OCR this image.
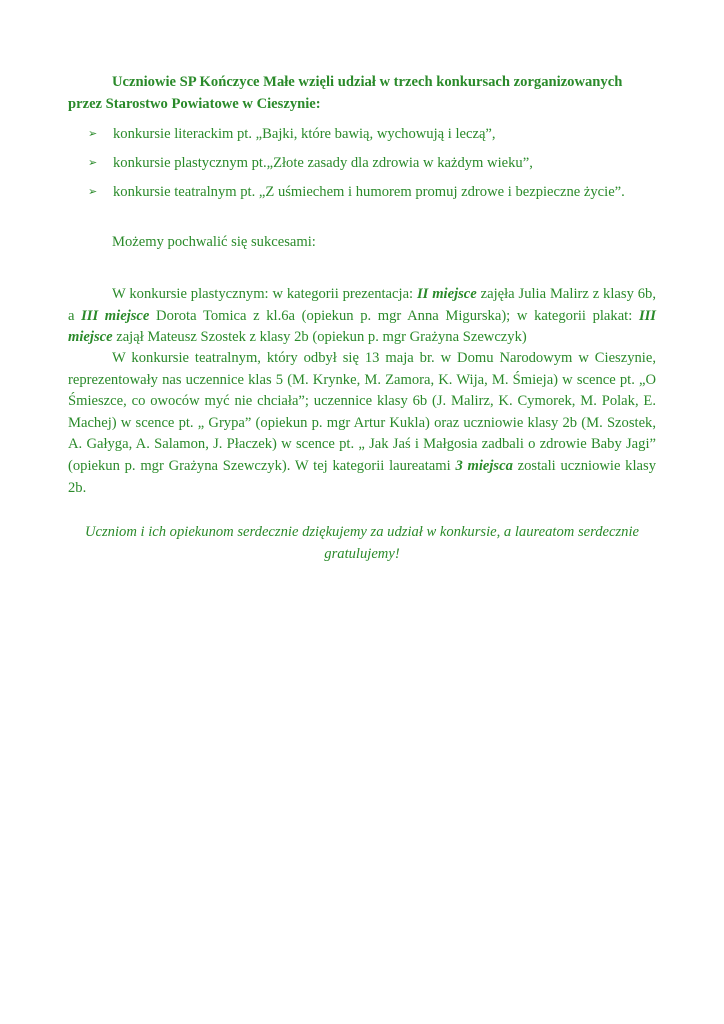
Uczniowie SP Kończyce Małe wzięli udział w trzech konkursach zorganizowanych przez Starostwo Powiatowe w Cieszynie:

➢ konkursie literackim pt. „Bajki, które bawią, wychowują i leczą”,
➢ konkursie plastycznym pt.„Złote zasady dla zdrowia w każdym wieku”,
➢ konkursie teatralnym pt. „Z uśmiechem i humorem promuj zdrowe i bezpieczne życie”.

Możemy pochwalić się sukcesami:

W konkursie plastycznym: w kategorii prezentacja: II miejsce zajęła Julia Malirz z klasy 6b, a III miejsce Dorota Tomica z kl.6a (opiekun p. mgr Anna Migurska); w kategorii plakat: III miejsce zajął Mateusz Szostek z klasy 2b (opiekun p. mgr Grażyna Szewczyk)

W konkursie teatralnym, który odbył się 13 maja br. w Domu Narodowym w Cieszynie, reprezentowały nas uczennice klas 5 (M. Krynke, M. Zamora, K. Wija, M. Śmieja) w scence pt. „O Śmieszce, co owoców myć nie chciała”; uczennice klasy 6b (J. Malirz, K. Cymorek, M. Polak, E. Machej) w scence pt. „ Grypa” (opiekun p. mgr Artur Kukla) oraz uczniowie klasy 2b (M. Szostek, A. Gałyga, A. Salamon, J. Płaczek) w scence pt. „ Jak Jaś i Małgosia zadbali o zdrowie Baby Jagi” (opiekun p. mgr Grażyna Szewczyk). W tej kategorii laureatami 3 miejsca zostali uczniowie klasy 2b.

Uczniom i ich opiekunom serdecznie dziękujemy za udział w konkursie, a laureatom serdecznie gratulujemy!
